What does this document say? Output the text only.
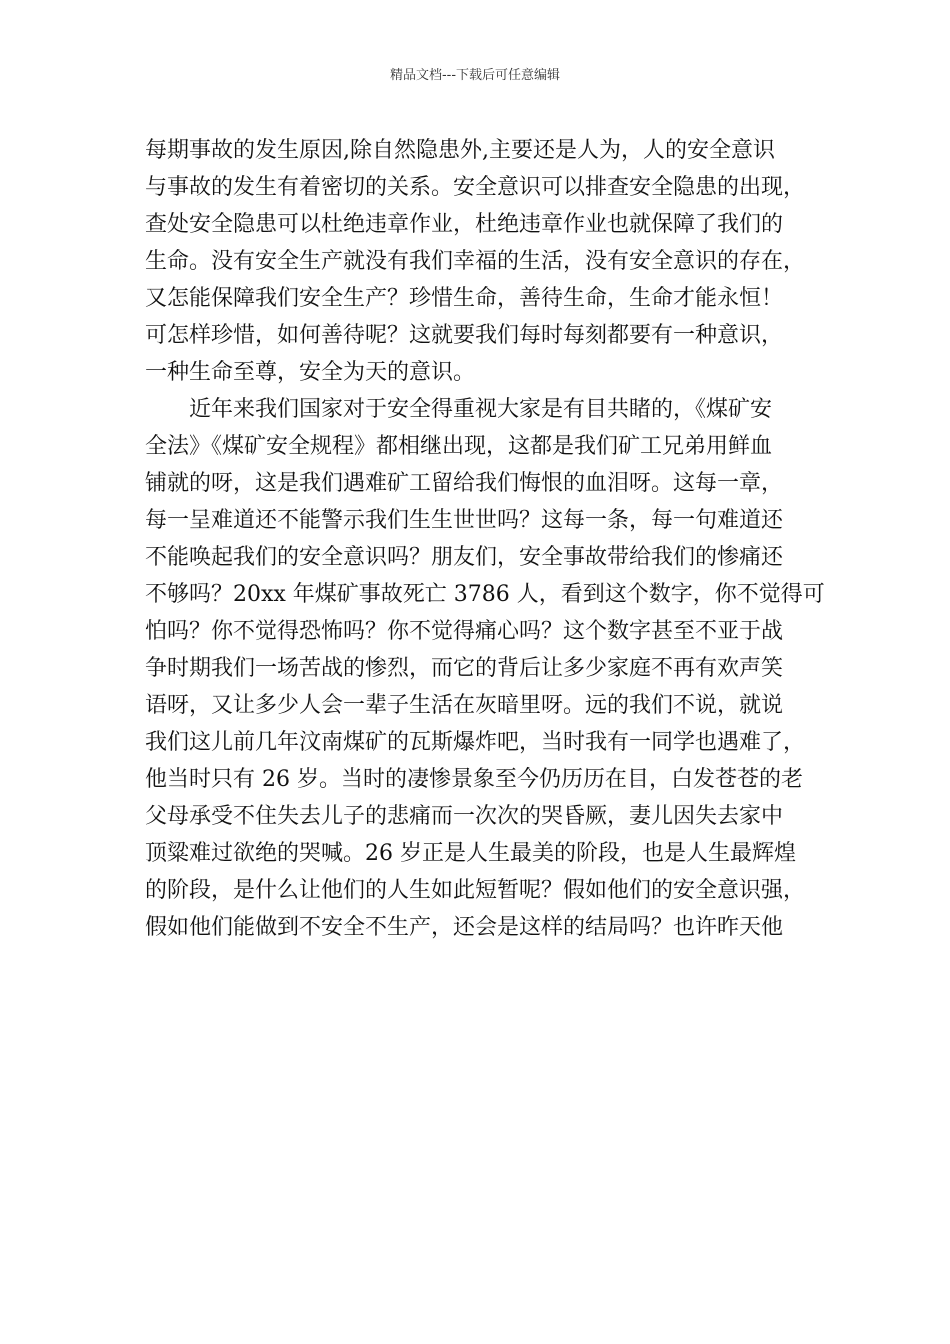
精品文档---下载后可任意编辑
每期事故的发生原因,除自然隐患外,主要还是人为，人的安全意识
与事故的发生有着密切的关系。安全意识可以排查安全隐患的出现，
查处安全隐患可以杜绝违章作业，杜绝违章作业也就保障了我们的
生命。没有安全生产就没有我们幸福的生活，没有安全意识的存在，
又怎能保障我们安全生产？珍惜生命，善待生命，生命才能永恒！
可怎样珍惜，如何善待呢？这就要我们每时每刻都要有一种意识，
一种生命至尊，安全为天的意识。
　　近年来我们国家对于安全得重视大家是有目共睹的，《煤矿安
全法》《煤矿安全规程》都相继出现，这都是我们矿工兄弟用鲜血
铺就的呀，这是我们遇难矿工留给我们悔恨的血泪呀。这每一章，
每一呈难道还不能警示我们生生世世吗？这每一条，每一句难道还
不能唤起我们的安全意识吗？朋友们，安全事故带给我们的惨痛还
不够吗？20xx 年煤矿事故死亡 3786 人，看到这个数字，你不觉得可
怕吗？你不觉得恐怖吗？你不觉得痛心吗？这个数字甚至不亚于战
争时期我们一场苦战的惨烈，而它的背后让多少家庭不再有欢声笑
语呀，又让多少人会一辈子生活在灰暗里呀。远的我们不说，就说
我们这儿前几年汶南煤矿的瓦斯爆炸吧，当时我有一同学也遇难了，
他当时只有 26 岁。当时的凄惨景象至今仍历历在目，白发苍苍的老
父母承受不住失去儿子的悲痛而一次次的哭昏厥，妻儿因失去家中
顶粱难过欲绝的哭喊。26 岁正是人生最美的阶段，也是人生最辉煌
的阶段，是什么让他们的人生如此短暂呢？假如他们的安全意识强，
假如他们能做到不安全不生产，还会是这样的结局吗？也许昨天他
